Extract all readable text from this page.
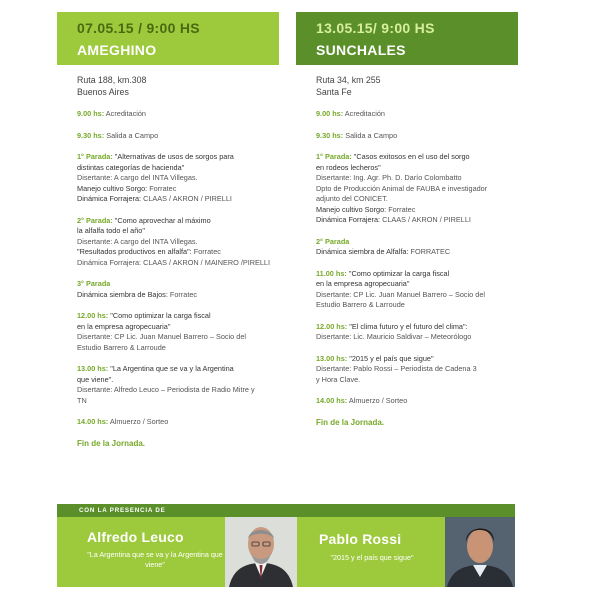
07.05.15 / 9:00 HS
AMEGHINO
Ruta 188, km.308
Buenos Aires
9.00 hs: Acreditación
9.30 hs: Salida a Campo
1° Parada: "Alternativas de usos de sorgos para
distintas categorías de hacienda"
Disertante: A cargo del INTA Villegas.
Manejo cultivo Sorgo: Forratec
Dinámica Forrajera: CLAAS / AKRON / PIRELLI
2° Parada: "Como aprovechar al máximo
la alfalfa todo el año"
Disertante: A cargo del INTA Villegas.
"Resultados productivos en alfalfa": Forratec
Dinámica Forrajera: CLAAS / AKRON / MAINERO /PIRELLI
3° Parada
Dinámica siembra de Bajos: Forratec
12.00 hs: "Como optimizar la carga fiscal
en la empresa agropecuaria"
Disertante: CP Lic. Juan Manuel Barrero – Socio del
Estudio Barrero & Larroude
13.00 hs: "La Argentina que se va y la Argentina
que viene".
Disertante: Alfredo Leuco – Periodista de Radio Mitre y
TN
14.00 hs: Almuerzo / Sorteo
Fin de la Jornada.
13.05.15/ 9:00 HS
SUNCHALES
Ruta 34, km 255
Santa Fe
9.00 hs: Acreditación
9.30 hs: Salida a Campo
1° Parada: "Casos exitosos en el uso del sorgo
en rodeos lecheros"
Disertante: Ing. Agr. Ph. D. Darío Colombatto
Dpto de Producción Animal de FAUBA e investigador
adjunto del CONICET.
Manejo cultivo Sorgo: Forratec
Dinámica Forrajera: CLAAS / AKRON / PIRELLI
2° Parada
Dinámica siembra de Alfalfa: FORRATEC
11.00 hs: "Como optimizar la carga fiscal
en la empresa agropecuaria"
Disertante: CP Lic. Juan Manuel Barrero – Socio del
Estudio Barrero & Larroude
12.00 hs: "El clima futuro y el futuro del clima":
Disertante: Lic. Mauricio Saldivar – Meteorólogo
13.00 hs: "2015 y el país que sigue"
Disertante: Pablo Rossi – Periodista de Cadena 3
y Hora Clave.
14.00 hs: Almuerzo / Sorteo
Fin de la Jornada.
CON LA PRESENCIA DE
Alfredo Leuco
"La Argentina que se va y la Argentina que viene"
Pablo Rossi
"2015 y el país que sigue"
